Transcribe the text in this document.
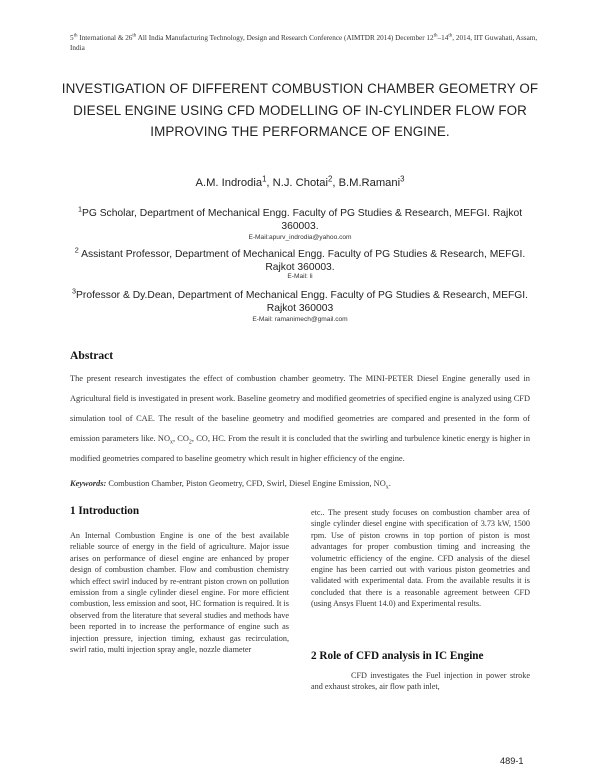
5th International & 26th All India Manufacturing Technology, Design and Research Conference (AIMTDR 2014) December 12th–14th, 2014, IIT Guwahati, Assam, India
INVESTIGATION OF DIFFERENT COMBUSTION CHAMBER GEOMETRY OF DIESEL ENGINE USING CFD MODELLING OF IN-CYLINDER FLOW FOR IMPROVING THE PERFORMANCE OF ENGINE.
A.M. Indrodia$^1$, N.J. Chotai$^2$, B.M.Ramani$^3$
$^1$PG Scholar, Department of Mechanical Engg. Faculty of PG Studies & Research, MEFGI. Rajkot 360003.
E-Mail:apurv_indrodia@yahoo.com
$^2$ Assistant Professor, Department of Mechanical Engg. Faculty of PG Studies & Research, MEFGI. Rajkot 360003.
E-Mail: li
$^3$Professor & Dy.Dean, Department of Mechanical Engg. Faculty of PG Studies & Research, MEFGI. Rajkot 360003
E-Mail: ramanimech@gmail.com
Abstract
The present research investigates the effect of combustion chamber geometry. The MINI-PETER Diesel Engine generally used in Agricultural field is investigated in present work. Baseline geometry and modified geometries of specified engine is analyzed using CFD simulation tool of CAE. The result of the baseline geometry and modified geometries are compared and presented in the form of emission parameters like. $NO_x$, $CO_2$, CO, HC. From the result it is concluded that the swirling and turbulence kinetic energy is higher in modified geometries compared to baseline geometry which result in higher efficiency of the engine.
Keywords: Combustion Chamber, Piston Geometry, CFD, Swirl, Diesel Engine Emission, $NO_x$.
1 Introduction

An Internal Combustion Engine is one of the best available reliable source of energy in the field of agriculture. Major issue arises on performance of diesel engine are enhanced by proper design of combustion chamber. Flow and combustion chemistry which effect swirl induced by re-entrant piston crown on pollution emission from a single cylinder diesel engine. For more efficient combustion, less emission and soot, HC formation is required. It is observed from the literature that several studies and methods have been reported in to increase the performance of engine such as injection pressure, injection timing, exhaust gas recirculation, swirl ratio, multi injection spray angle, nozzle diameter

etc.. The present study focuses on combustion chamber area of single cylinder diesel engine with specification of 3.73 kW, 1500 rpm. Use of piston crowns in top portion of piston is most advantages for proper combustion timing and increasing the volumetric efficiency of the engine. CFD analysis of the diesel engine has been carried out with various piston geometries and validated with experimental data. From the available results it is concluded that there is a reasonable agreement between CFD (using Ansys Fluent 14.0) and Experimental results.

2 Role of CFD analysis in IC Engine

CFD investigates the Fuel injection in power stroke and exhaust strokes, air flow path inlet,

489-1
